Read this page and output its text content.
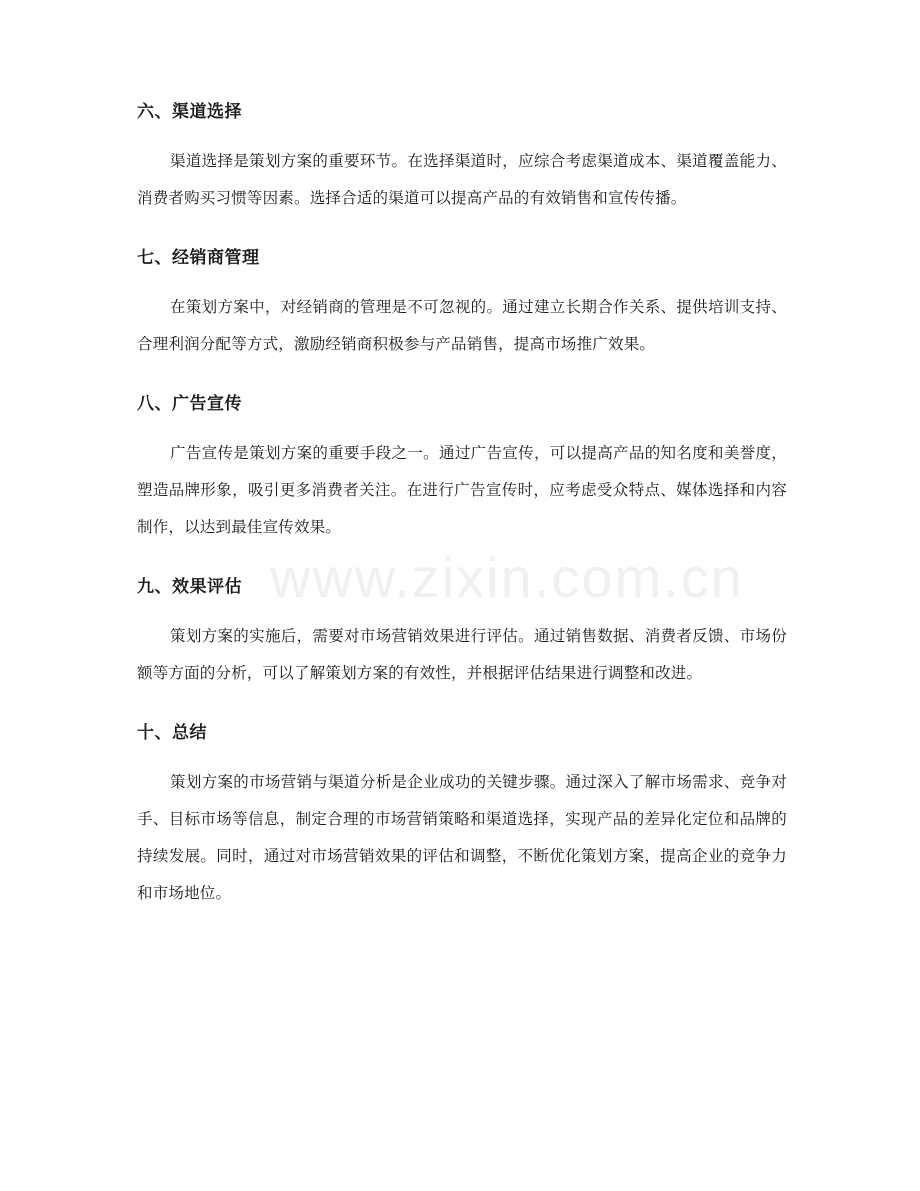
www.zixin.com.cn
六、渠道选择

渠道选择是策划方案的重要环节。在选择渠道时，应综合考虑渠道成本、渠道覆盖能力、消费者购买习惯等因素。选择合适的渠道可以提高产品的有效销售和宣传传播。

七、经销商管理

在策划方案中，对经销商的管理是不可忽视的。通过建立长期合作关系、提供培训支持、合理利润分配等方式，激励经销商积极参与产品销售，提高市场推广效果。

八、广告宣传

广告宣传是策划方案的重要手段之一。通过广告宣传，可以提高产品的知名度和美誉度，塑造品牌形象，吸引更多消费者关注。在进行广告宣传时，应考虑受众特点、媒体选择和内容制作，以达到最佳宣传效果。

九、效果评估

策划方案的实施后，需要对市场营销效果进行评估。通过销售数据、消费者反馈、市场份额等方面的分析，可以了解策划方案的有效性，并根据评估结果进行调整和改进。

十、总结

策划方案的市场营销与渠道分析是企业成功的关键步骤。通过深入了解市场需求、竞争对手、目标市场等信息，制定合理的市场营销策略和渠道选择，实现产品的差异化定位和品牌的持续发展。同时，通过对市场营销效果的评估和调整，不断优化策划方案，提高企业的竞争力和市场地位。
